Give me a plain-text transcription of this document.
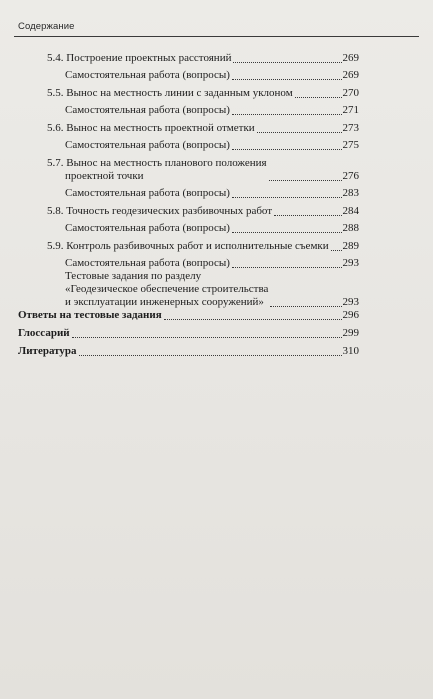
Содержание
5.4. Построение проектных расстояний	269
Самостоятельная работа (вопросы)	269
5.5. Вынос на местность линии с заданным уклоном	270
Самостоятельная работа (вопросы)	271
5.6. Вынос на местность проектной отметки	273
Самостоятельная работа (вопросы)	275
5.7. Вынос на местность планового положения
проектной точки	276
Самостоятельная работа (вопросы)	283
5.8. Точность геодезических разбивочных работ	284
Самостоятельная работа (вопросы)	288
5.9. Контроль разбивочных работ и исполнительные съемки 289
Самостоятельная работа (вопросы)	293
Тестовые задания по разделу
«Геодезическое обеспечение строительства
и эксплуатации инженерных сооружений»	293
Ответы на тестовые задания	296
Глоссарий	299
Литература	310
